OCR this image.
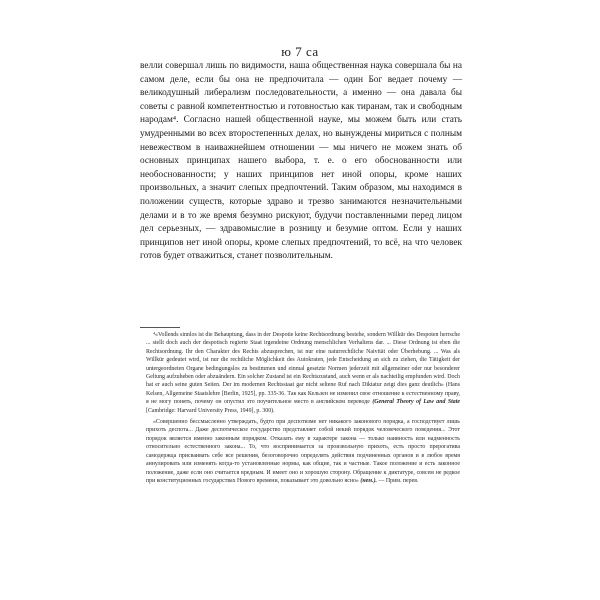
ю 7 са

велли совершал лишь по видимости, наша общественная наука совершала бы на самом деле, если бы она не предпочитала — один Бог ведает почему — великодушный либерализм последовательности, а именно — она давала бы советы с равной компетентностью и готовностью как тиранам, так и свободным народам⁴. Согласно нашей общественной науке, мы можем быть или стать умудренными во всех второстепенных делах, но вынуждены мириться с полным невежеством в наиважнейшем отношении — мы ничего не можем знать об основных принципах нашего выбора, т. е. о его обоснованности или необоснованности; у наших принципов нет иной опоры, кроме наших произвольных, а значит слепых предпочтений. Таким образом, мы находимся в положении существ, которые здраво и трезво занимаются незначительными делами и в то же время безумно рискуют, будучи поставленными перед лицом дел серьезных, — здравомыслие в розницу и безумие оптом. Если у наших принципов нет иной опоры, кроме слепых предпочтений, то всё, на что человек готов будет отважиться, станет позволительным.

⁴«Vollends sinnlos ist die Behauptung, dass in der Despotie keine Rechtsordnung bestehe, sondern Willkür des Despoten herrsche ... stellt doch auch der despotisch regierte Staat irgendeine Ordnung menschlichen Verhaltens dar. ... Diese Ordnung ist eben die Rechtsordnung. Ihr den Charakter des Rechts abzusprechen, ist nur eine naturrechtliche Naivität oder Überhebung. ... Was als Willkür gedeutet wird, ist nur die rechtliche Möglichkeit des Autokraten, jede Entscheidung an sich zu ziehen, die Tätigkeit der untergeordneten Organe bedingungslos zu bestimmen und einmal gesetzte Normen jederzeit mit allgemeiner oder nur besonderer Geltung aufzuheben oder abzuändern. Ein solcher Zustand ist ein Rechtszustand, auch wenn er als nachteilig empfunden wird. Doch hat er auch seine guten Seiten. Der im modernen Rechtsstaat gar nicht seltene Ruf nach Diktatur zeigt dies ganz deutlich» (Hans Kelsen, Allgemeine Staatslehre [Berlin, 1925], pp. 335-36. Так как Кельзен не изменил свое отношение к естественному праву, я не могу понять, почему он опустил это поучительное место в английском переводе (General Theory of Law and State [Cambridge: Harvard University Press, 1949], p. 300).

«Совершенно бессмысленно утверждать, будто при деспотизме нет никакого законового порядка, а господствует лишь прихоть деспота... Даже деспотическое государство представляет собой некий порядок человеческого поведения... Этот порядок является именно законным порядком. Отказать ему в характере закона — только наивность или надменность относительно естественного закона... То, что воспринимается за произвольную прихоть, есть просто прерогатива самодержца присваивать себе все решения, безоговорочно определять действия подчиненных органов и в любое время аннулировать или изменять когда-то установленные нормы, как общие, так и частные. Такое положение и есть законное положение, даже если оно считается вредным. И имеет оно и хорошую сторону. Обращение к диктатуре, совсем не редкое при конституционных государствах Нового времени, показывает это довольно ясно» (нем.). — Прим. перев.
